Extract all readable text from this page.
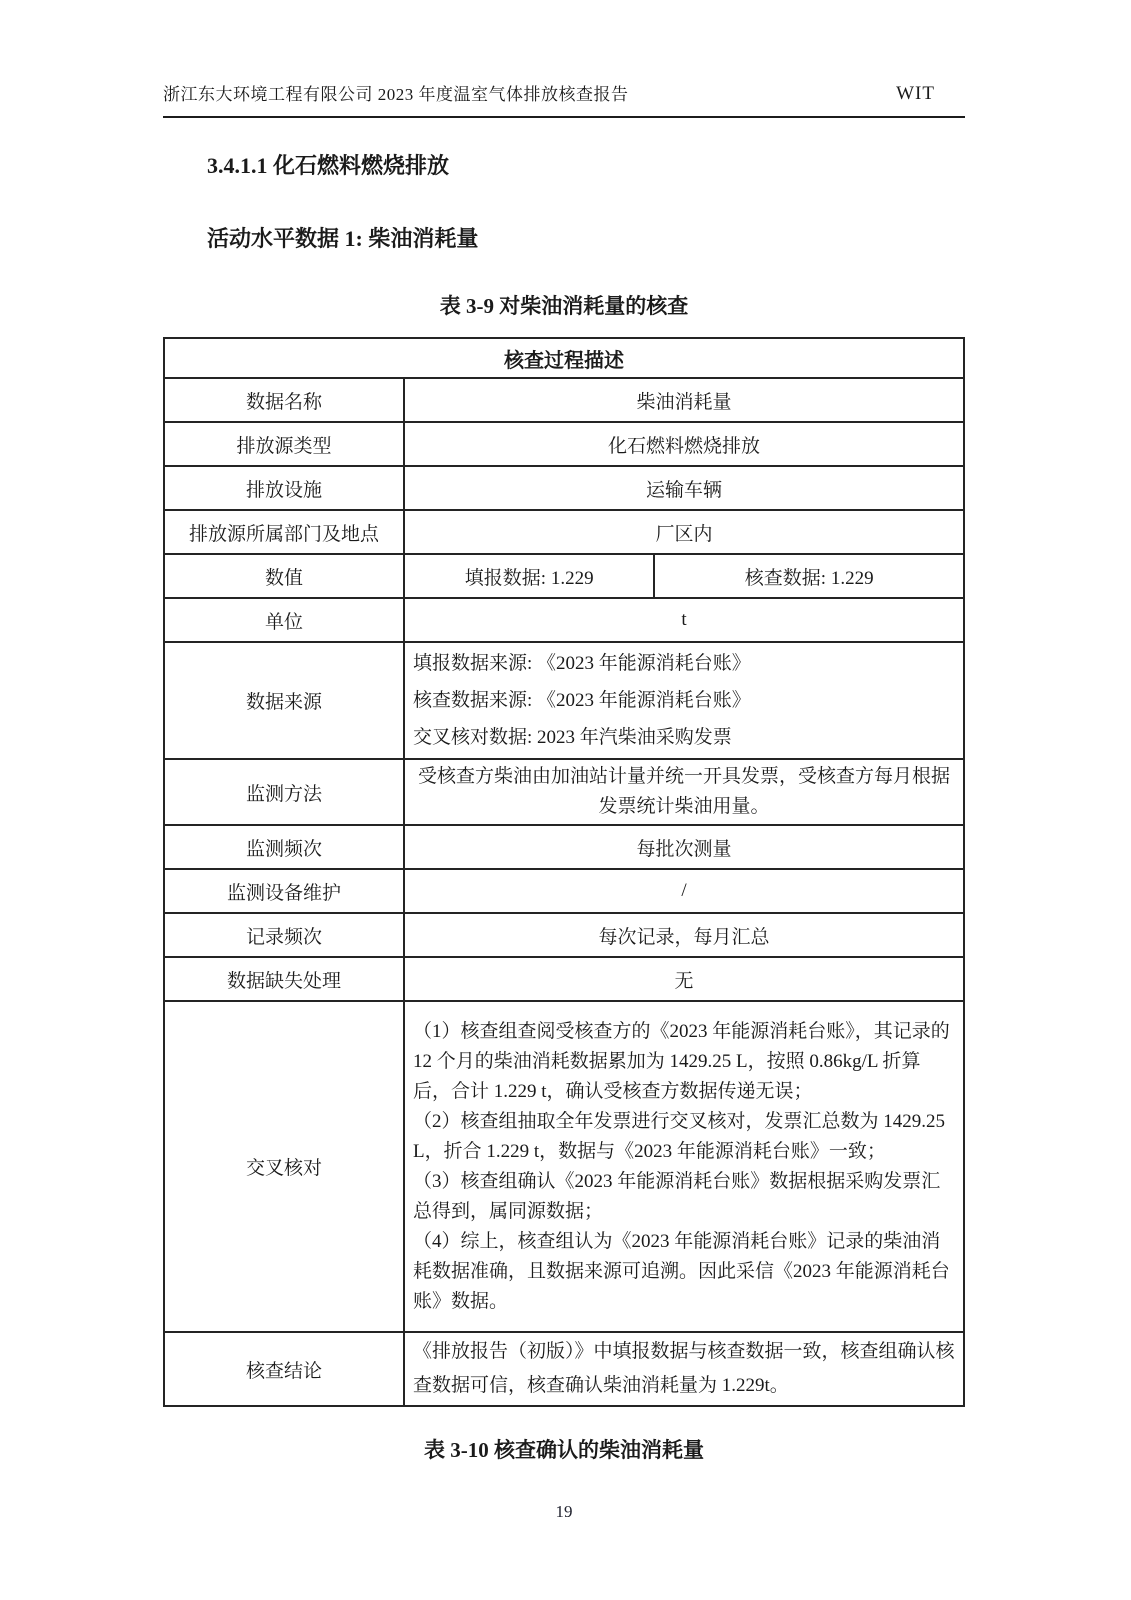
浙江东大环境工程有限公司 2023 年度温室气体排放核查报告	WIT
3.4.1.1 化石燃料燃烧排放
活动水平数据 1: 柴油消耗量
表 3-9 对柴油消耗量的核查
核查过程描述		
数据名称	柴油消耗量	
排放源类型	化石燃料燃烧排放	
排放设施	运输车辆	
排放源所属部门及地点	厂区内	
数值	填报数据: 1.229	核查数据: 1.229
单位	t	
数据来源	填报数据来源: 《2023 年能源消耗台账》
核查数据来源: 《2023 年能源消耗台账》
交叉核对数据: 2023 年汽柴油采购发票	

监测方法	受核查方柴油由加油站计量并统一开具发票，受核查方每月根据发票统计柴油用量。	

监测频次	每批次测量	
监测设备维护	/	
记录频次	每次记录，每月汇总	
数据缺失处理	无	
交叉核对	（1）核查组查阅受核查方的《2023 年能源消耗台账》，其记录的 12 个月的柴油消耗数据累加为 1429.25 L，按照 0.86kg/L 折算后，合计 1.229 t，确认受核查方数据传递无误；
（2）核查组抽取全年发票进行交叉核对，发票汇总数为 1429.25 L，折合 1.229 t，数据与《2023 年能源消耗台账》一致；
（3）核查组确认《2023 年能源消耗台账》数据根据采购发票汇总得到，属同源数据；
（4）综上，核查组认为《2023 年能源消耗台账》记录的柴油消耗数据准确，且数据来源可追溯。因此采信《2023 年能源消耗台账》数据。	

核查结论	《排放报告（初版）》中填报数据与核查数据一致，核查组确认核查数据可信，核查确认柴油消耗量为 1.229t。	
表 3-10 核查确认的柴油消耗量
19
